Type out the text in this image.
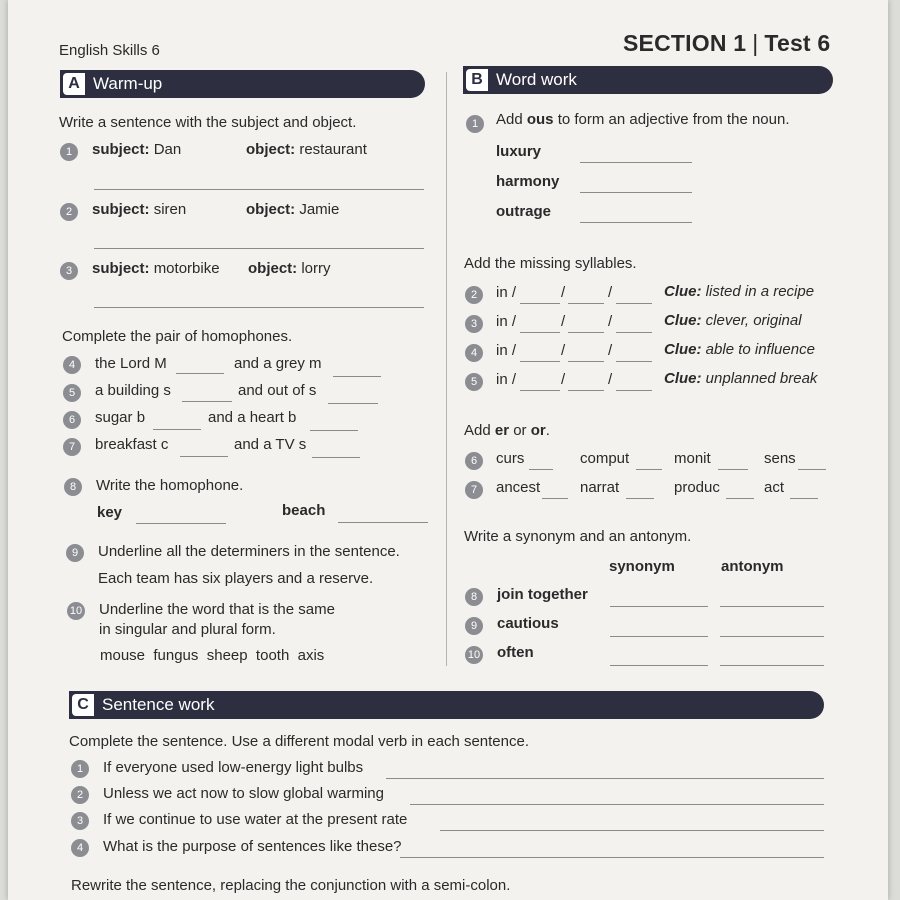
English Skills 6	SECTION 1 | Test 6
A Warm-up	B Word work
Write a sentence with the subject and object.
1	subject: Dan	object: restaurant
2	subject: siren	object: Jamie
3	subject: motorbike object: lorry
Complete the pair of homophones.
4	the Lord M	and a grey m
5	a building s	and out of s
6	sugar b	and a heart b
7	breakfast c	and a TV s
8	Write the homophone.
key	beach
9	Underline all the determiners in the sentence.
Each team has six players and a reserve.
10 Underline the word that is the same
in singular and plural form.
mouse  fungus  sheep  tooth  axis
1	Add ous to form an adjective from the noun.
luxury
harmony
outrage
Add the missing syllables.
2	in /	/	/	Clue: listed in a recipe
3	in /	/	/	Clue: clever, original
4	in /	/	/	Clue: able to influence
5	in /	/	/	Clue: unplanned break
Add er or or.
6	curs	comput	monit	sens
7	ancest	narrat	produc	act
Write a synonym and an antonym.
synonym	antonym
8	join together
9	cautious
10 often
C Sentence work
Complete the sentence. Use a different modal verb in each sentence.
1	If everyone used low-energy light bulbs
2	Unless we act now to slow global warming
3	If we continue to use water at the present rate
4	What is the purpose of sentences like these?
Rewrite the sentence, replacing the conjunction with a semi-colon.
